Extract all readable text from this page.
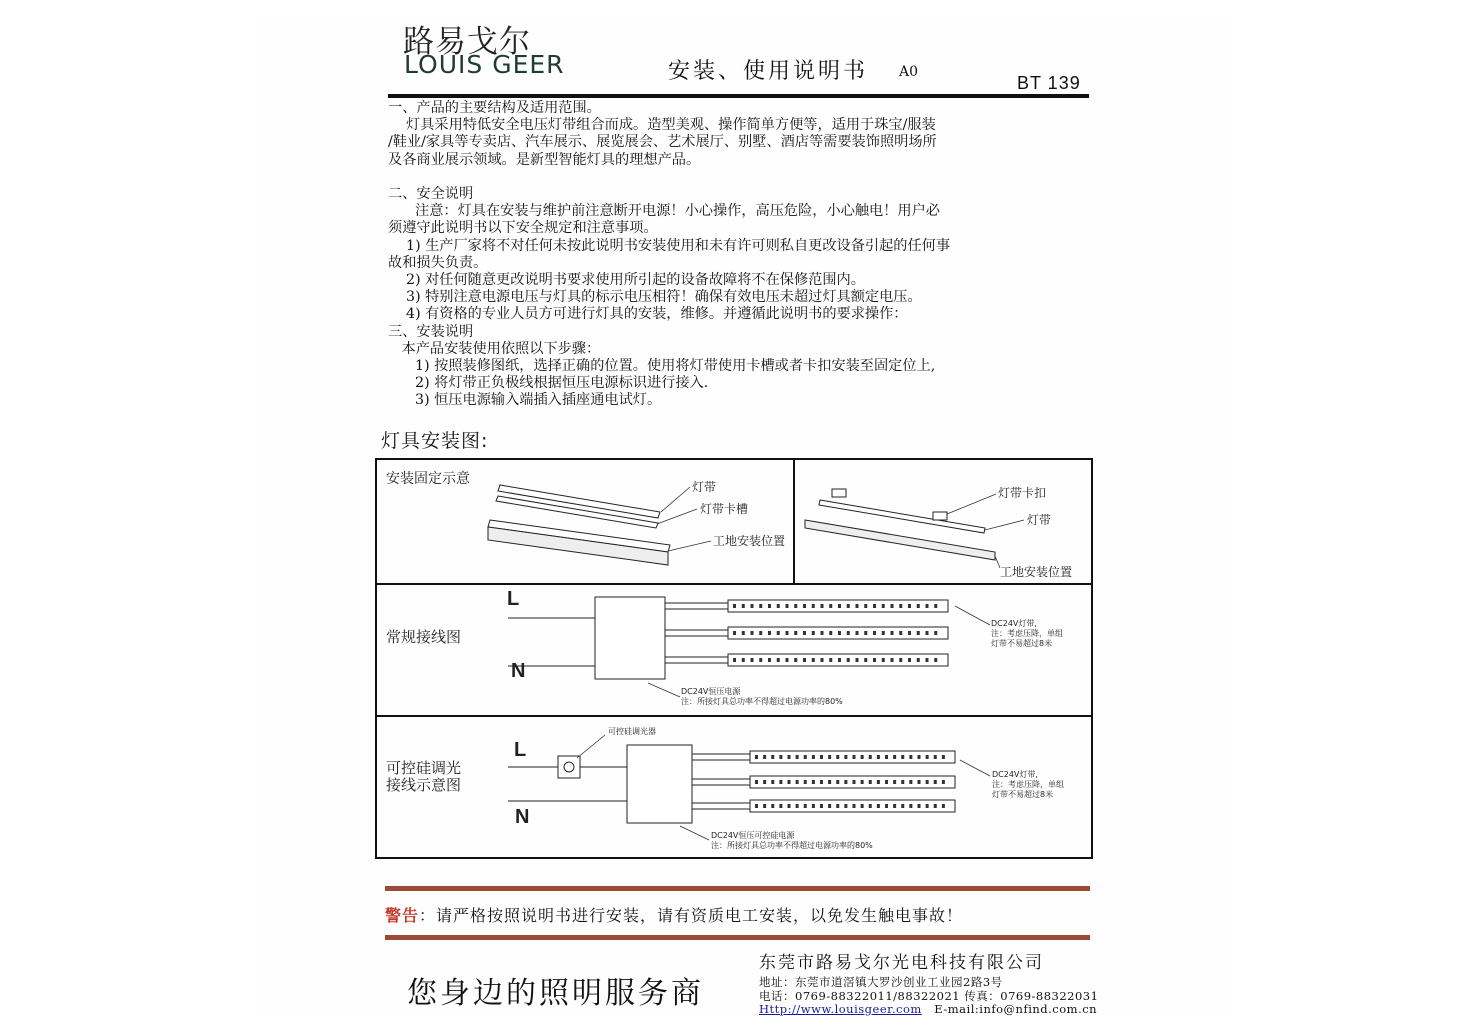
路易戈尔
LOUIS GEER	安装、使用说明书 A0
BT 139
一、产品的主要结构及适用范围。
灯具采用特低安全电压灯带组合而成。造型美观、操作简单方便等，适用于珠宝/服装
/鞋业/家具等专卖店、汽车展示、展览展会、艺术展厅、别墅、酒店等需要装饰照明场所
及各商业展示领域。是新型智能灯具的理想产品。

二、安全说明
注意：灯具在安装与维护前注意断开电源！小心操作，高压危险，小心触电！用户必
须遵守此说明书以下安全规定和注意事项。
1) 生产厂家将不对任何未按此说明书安装使用和未有许可则私自更改设备引起的任何事
故和损失负责。
2) 对任何随意更改说明书要求使用所引起的设备故障将不在保修范围内。
3) 特别注意电源电压与灯具的标示电压相符！确保有效电压未超过灯具额定电压。
4) 有资格的专业人员方可进行灯具的安装，维修。并遵循此说明书的要求操作：
三、安装说明
本产品安装使用依照以下步骤：
1) 按照装修图纸，选择正确的位置。使用将灯带使用卡槽或者卡扣安装至固定位上,
2) 将灯带正负极线根据恒压电源标识进行接入.
3) 恒压电源输入端插入插座通电试灯。
灯具安装图:
安装固定示意	灯带
灯带卡槽
工地安装位置
灯带卡扣
灯带
工地安装位置
常规接线图
L
N
DC24V灯带,
注：考虑压降，单组
灯带不易超过8米
DC24V恒压电源
注：所接灯具总功率不得超过电源功率的80%
可控硅调光
接线示意图
可控硅调光器
L
N
DC24V灯带,
注：考虑压降，单组
灯带不易超过8米
DC24V恒压可控硅电源
注：所接灯具总功率不得超过电源功率的80%
警告：请严格按照说明书进行安装，请有资质电工安装，以免发生触电事故！
您身边的照明服务商
东莞市路易戈尔光电科技有限公司
地址：东莞市道滘镇大罗沙创业工业园2路3号
电话：0769-88322011/88322021 传真：0769-88322031
Http://www.louisgeer.com E-mail:info@nfind.com.cn
